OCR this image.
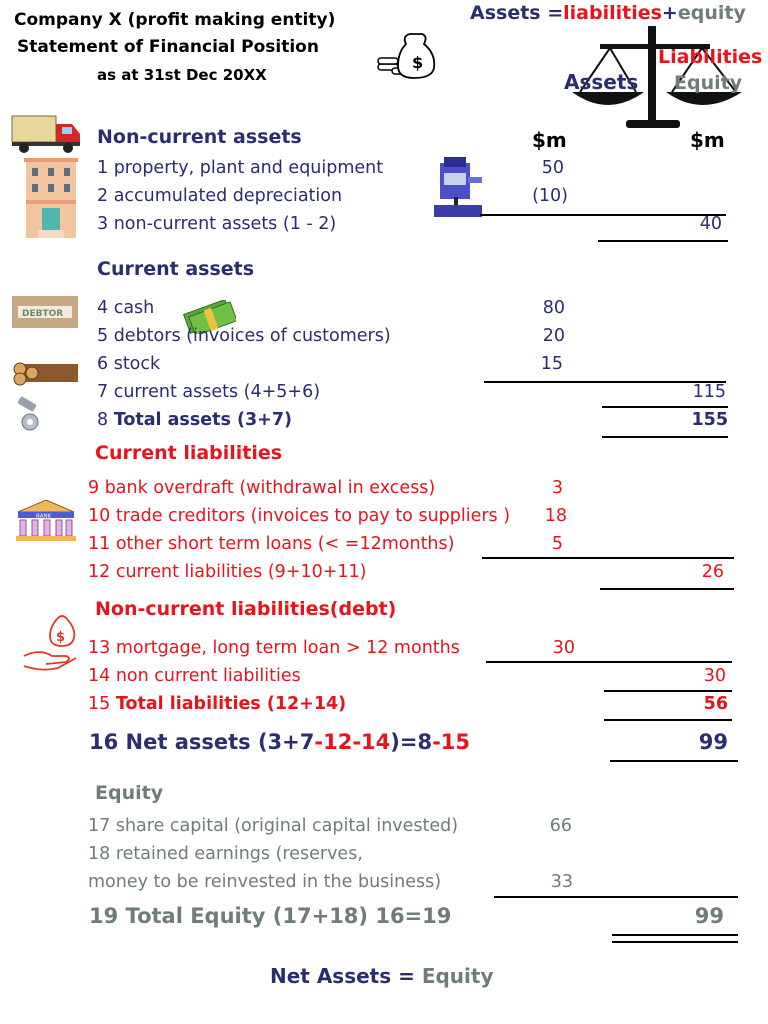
Company X (profit making entity)
Statement of Financial Position
as at 31st Dec 20XX
Assets =liabilities+equity
$	Liabilities
Assets Equity
$m	$m
Non-current assets
1 property, plant and equipment	50
2 accumulated depreciation	(10)
3 non-current assets (1 - 2)	40
Current assets
DEBTOR 4 cash	80
5 debtors (invoices of customers)	20
6 stock	15
7 current assets (4+5+6)	115
8 Total assets (3+7)	155
Current liabilities
BANK
9 bank overdraft (withdrawal in excess)	3
10 trade creditors (invoices to pay to suppliers )	18
11 other short term loans (< =12months)	5
12 current liabilities (9+10+11)	26
Non-current liabilities(debt)
$
13 mortgage, long term loan > 12 months	30
14 non current liabilities	30
15 Total liabilities (12+14)	56
16 Net assets (3+7-12-14)=8-15	99
Equity
17 share capital (original capital invested)	66
18 retained earnings (reserves,
money to be reinvested in the business)	33
19 Total Equity (17+18) 16=19	99
Net Assets = Equity
